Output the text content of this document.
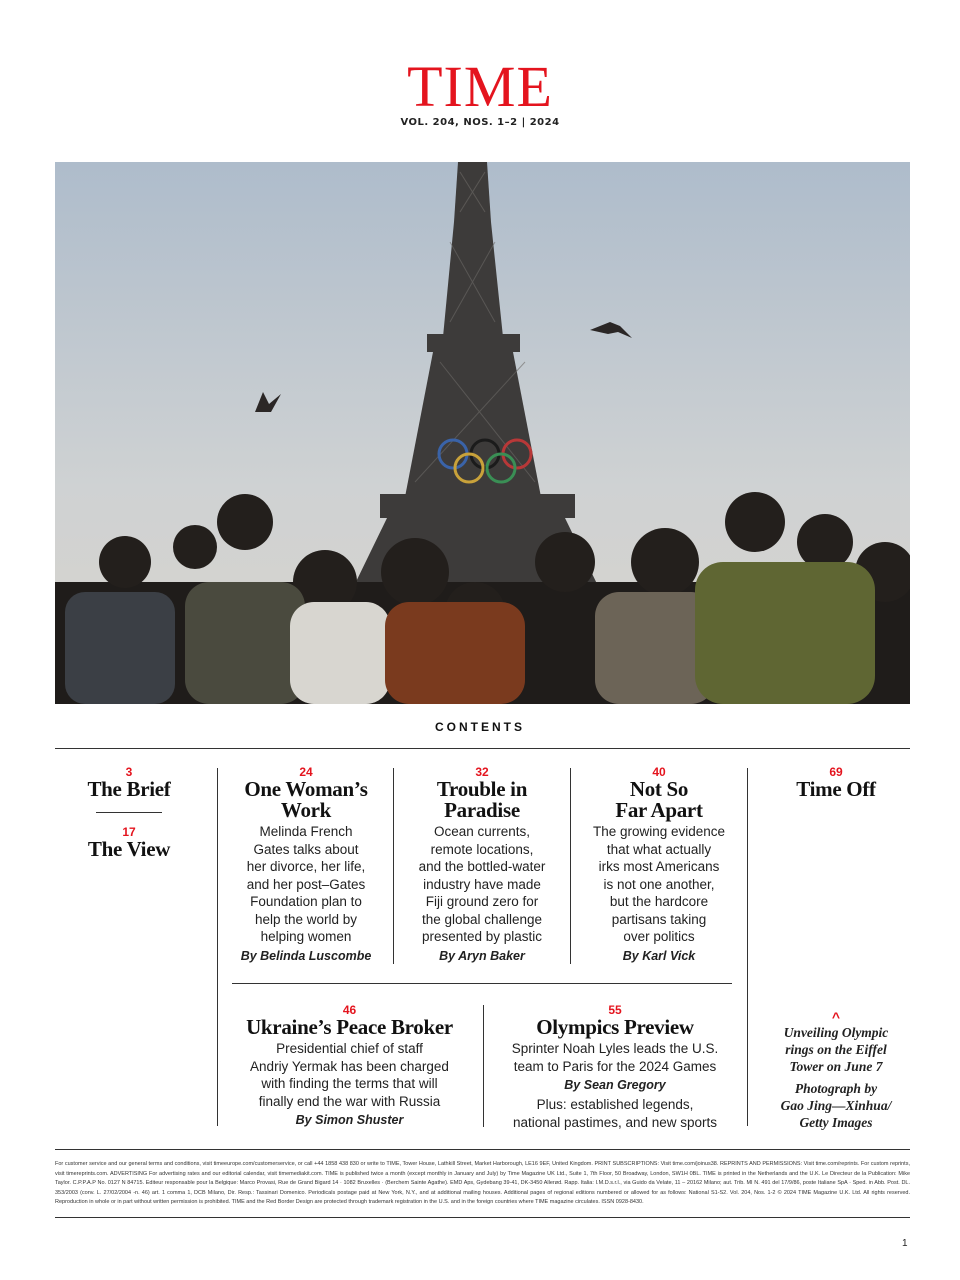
TIME
VOL. 204, NOS. 1–2 | 2024
CONTENTS
3
The Brief
17
The View
24
One Woman’s
Work
Melinda French
Gates talks about
her divorce, her life,
and her post–Gates
Foundation plan to
help the world by
helping women
By Belinda Luscombe
32
Trouble in
Paradise
Ocean currents,
remote locations,
and the bottled-water
industry have made
Fiji ground zero for
the global challenge
presented by plastic
By Aryn Baker
40
Not So
Far Apart
The growing evidence
that what actually
irks most Americans
is not one another,
but the hardcore
partisans taking
over politics
By Karl Vick
69
Time Off
46
Ukraine’s Peace Broker
Presidential chief of staff
Andriy Yermak has been charged
with finding the terms that will
finally end the war with Russia
By Simon Shuster
55
Olympics Preview
Sprinter Noah Lyles leads the U.S.
team to Paris for the 2024 Games
By Sean Gregory
Plus: established legends,
national pastimes, and new sports
^
Unveiling Olympic
rings on the Eiffel
Tower on June 7
Photograph by
Gao Jing—Xinhua/
Getty Images
For customer service and our general terms and conditions, visit timeeurope.com/customerservice, or call +44 1858 438 830 or write to TIME, Tower House, Lathkill Street, Market Harborough, LE16 9EF, United Kingdom. PRINT SUBSCRIPTIONS: Visit time.com/joinus38. REPRINTS AND PERMISSIONS: Visit time.com/reprints. For custom reprints, visit timereprints.com. ADVERTISING For advertising rates and our editorial calendar, visit timemediakit.com. TIME is published twice a month (except monthly in January and July) by Time Magazine UK Ltd., Suite 1, 7th Floor, 50 Broadway, London, SW1H 0BL. TIME is printed in the Netherlands and the U.K. Le Directeur de la Publication: Mike Taylor. C.P.P.A.P No. 0127 N 84715. Editeur responsable pour la Belgique: Marco Provasi, Rue de Grand Bigard 14 · 1082 Bruxelles · (Berchem Sainte Agathe). EMD Aps, Gydebang 39-41, DK-3450 Allerød. Rapp. Italia: I.M.D.s.r.l., via Guido da Velate, 11 – 20162 Milano; aut. Trib. MI N. 491 del 17/9/86, poste Italiane SpA · Sped. in Abb. Post. DL. 353/2003 (conv. L. 27/02/2004 -n. 46) art. 1 comma 1, DCB Milano, Dir. Resp.: Tassinari Domenico. Periodicals postage paid at New York, N.Y., and at additional mailing houses. Additional pages of regional editions numbered or allowed for as follows: National S1-S2. Vol. 204, Nos. 1-2 © 2024 TIME Magazine U.K. Ltd. All rights reserved. Reproduction in whole or in part without written permission is prohibited. TIME and the Red Border Design are protected through trademark registration in the U.S. and in the foreign countries where TIME magazine circulates. ISSN 0928-8430.
1
